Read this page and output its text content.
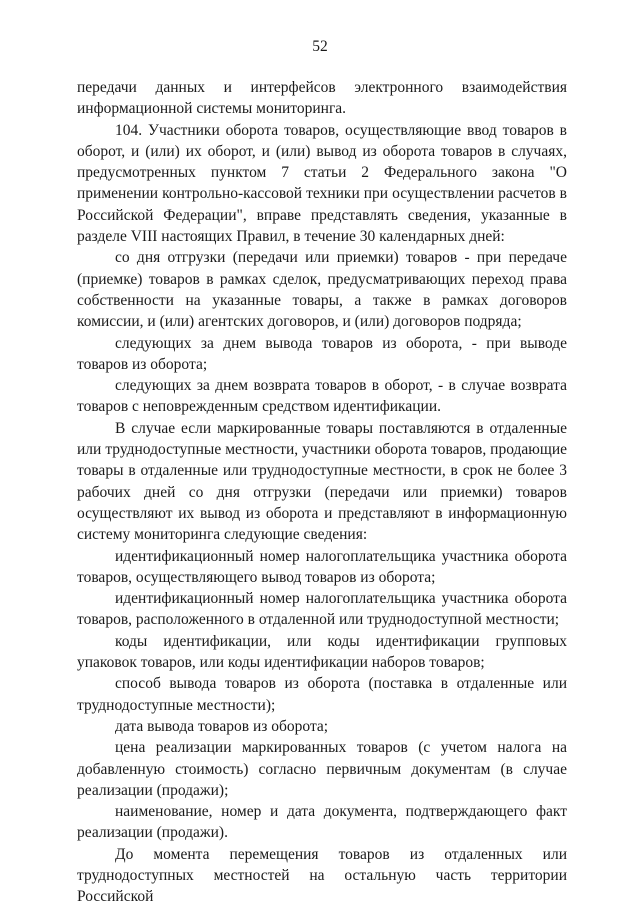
52

передачи данных и интерфейсов электронного взаимодействия информационной системы мониторинга.

104. Участники оборота товаров, осуществляющие ввод товаров в оборот, и (или) их оборот, и (или) вывод из оборота товаров в случаях, предусмотренных пунктом 7 статьи 2 Федерального закона "О применении контрольно-кассовой техники при осуществлении расчетов в Российской Федерации", вправе представлять сведения, указанные в разделе VIII настоящих Правил, в течение 30 календарных дней:

со дня отгрузки (передачи или приемки) товаров - при передаче (приемке) товаров в рамках сделок, предусматривающих переход права собственности на указанные товары, а также в рамках договоров комиссии, и (или) агентских договоров, и (или) договоров подряда;

следующих за днем вывода товаров из оборота, - при выводе товаров из оборота;

следующих за днем возврата товаров в оборот, - в случае возврата товаров с неповрежденным средством идентификации.

В случае если маркированные товары поставляются в отдаленные или труднодоступные местности, участники оборота товаров, продающие товары в отдаленные или труднодоступные местности, в срок не более 3 рабочих дней со дня отгрузки (передачи или приемки) товаров осуществляют их вывод из оборота и представляют в информационную систему мониторинга следующие сведения:

идентификационный номер налогоплательщика участника оборота товаров, осуществляющего вывод товаров из оборота;

идентификационный номер налогоплательщика участника оборота товаров, расположенного в отдаленной или труднодоступной местности;

коды идентификации, или коды идентификации групповых упаковок товаров, или коды идентификации наборов товаров;

способ вывода товаров из оборота (поставка в отдаленные или труднодоступные местности);

дата вывода товаров из оборота;

цена реализации маркированных товаров (с учетом налога на добавленную стоимость) согласно первичным документам (в случае реализации (продажи);

наименование, номер и дата документа, подтверждающего факт реализации (продажи).

До момента перемещения товаров из отдаленных или труднодоступных местностей на остальную часть территории Российской
